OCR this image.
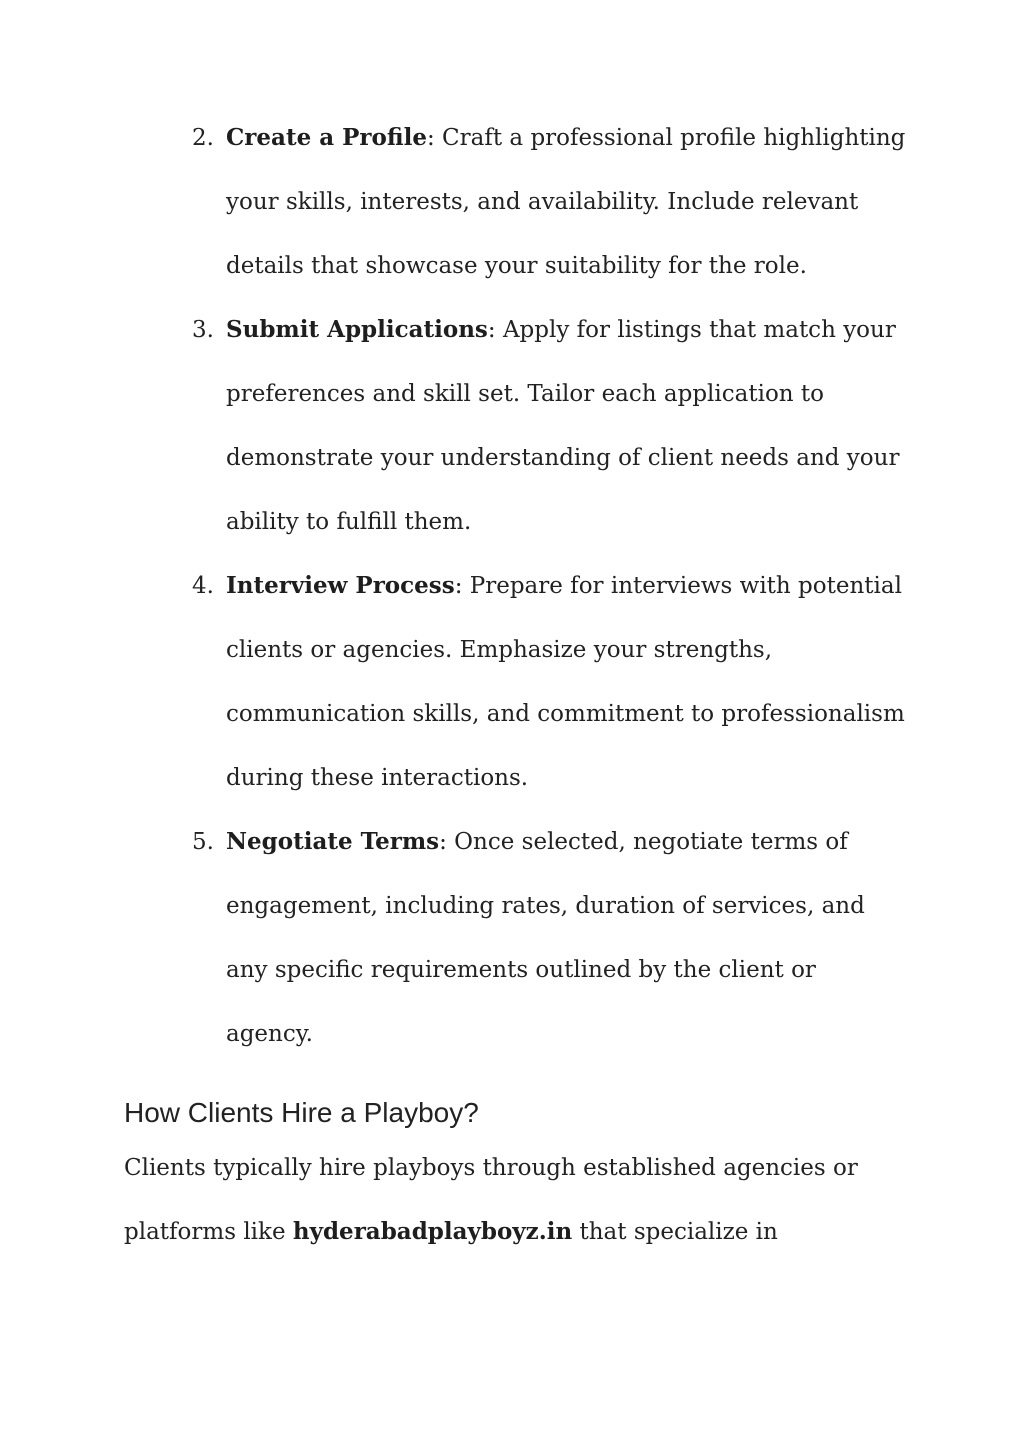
2. Create a Profile: Craft a professional profile highlighting your skills, interests, and availability. Include relevant details that showcase your suitability for the role.

3. Submit Applications: Apply for listings that match your preferences and skill set. Tailor each application to demonstrate your understanding of client needs and your ability to fulfill them.

4. Interview Process: Prepare for interviews with potential clients or agencies. Emphasize your strengths, communication skills, and commitment to professionalism during these interactions.

5. Negotiate Terms: Once selected, negotiate terms of engagement, including rates, duration of services, and any specific requirements outlined by the client or agency.

How Clients Hire a Playboy?

Clients typically hire playboys through established agencies or platforms like hyderabadplayboyz.in that specialize in
